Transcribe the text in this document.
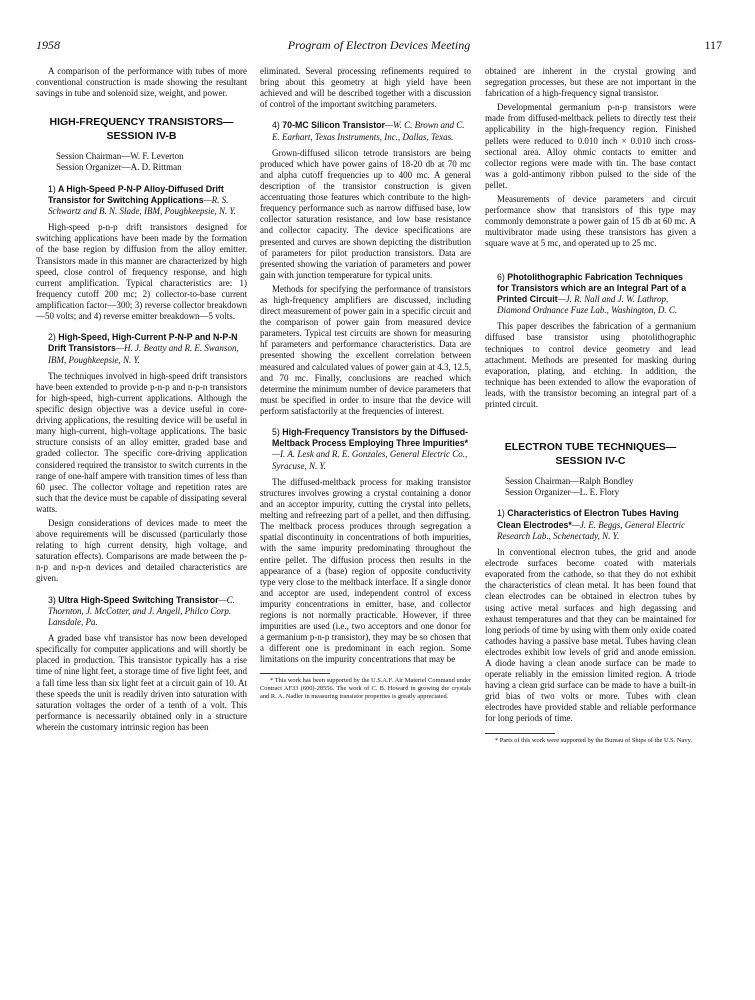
1958	Program of Electron Devices Meeting	117

A comparison of the performance with tubes of more conventional construction is made showing the resultant savings in tube and solenoid size, weight, and power.

HIGH-FREQUENCY TRANSISTORS—SESSION IV-B

Session Chairman—W. F. Leverton

Session Organizer—A. D. Rittman

1) A High-Speed P-N-P Alloy-Diffused Drift Transistor for Switching Applications—R. S. Schwartz and B. N. Slade, IBM, Poughkeepsie, N. Y.

High-speed p-n-p drift transistors designed for switching applications have been made by the formation of the base region by diffusion from the alloy emitter. Transistors made in this manner are characterized by high speed, close control of frequency response, and high current amplification. Typical characteristics are: 1) frequency cutoff 200 mc; 2) collector-to-base current amplification factor—300; 3) reverse collector breakdown—50 volts; and 4) reverse emitter breakdown—5 volts.

2) High-Speed, High-Current P-N-P and N-P-N Drift Transistors—H. J. Beatty and R. E. Swanson, IBM, Poughkeepsie, N. Y.

The techniques involved in high-speed drift transistors have been extended to provide p-n-p and n-p-n transistors for high-speed, high-current applications. Although the specific design objective was a device useful in core-driving applications, the resulting device will be useful in many high-current, high-voltage applications. The basic structure consists of an alloy emitter, graded base and graded collector. The specific core-driving application considered required the transistor to switch currents in the range of one-half ampere with transition times of less than 60 μsec. The collector voltage and repetition rates are such that the device must be capable of dissipating several watts.

Design considerations of devices made to meet the above requirements will be discussed (particularly those relating to high current density, high voltage, and saturation effects). Comparisons are made between the p-n-p and n-p-n devices and detailed characteristics are given.

3) Ultra High-Speed Switching Transistor—C. Thornton, J. McCotter, and J. Angell, Philco Corp. Lansdale, Pa.

A graded base vhf transistor has now been developed specifically for computer applications and will shortly be placed in production. This transistor typically has a rise time of nine light feet, a storage time of five light feet, and a fall time less than six light feet at a circuit gain of 10. At these speeds the unit is readily driven into saturation with saturation voltages the order of a tenth of a volt. This performance is necessarily obtained only in a structure wherein the customary intrinsic region has been

eliminated. Several processing refinements required to bring about this geometry at high yield have been achieved and will be described together with a discussion of control of the important switching parameters.

4) 70-MC Silicon Transistor—W. C. Brown and C. E. Earhart, Texas Instruments, Inc., Dallas, Texas.

Grown-diffused silicon tetrode transistors are being produced which have power gains of 18-20 db at 70 mc and alpha cutoff frequencies up to 400 mc. A general description of the transistor construction is given accentuating those features which contribute to the high-frequency performance such as narrow diffused base, low collector saturation resistance, and low base resistance and collector capacity. The device specifications are presented and curves are shown depicting the distribution of parameters for pilot production transistors. Data are presented showing the variation of parameters and power gain with junction temperature for typical units.

Methods for specifying the performance of transistors as high-frequency amplifiers are discussed, including direct measurement of power gain in a specific circuit and the comparison of power gain from measured device parameters. Typical test circuits are shown for measuring hf parameters and performance characteristics. Data are presented showing the excellent correlation between measured and calculated values of power gain at 4.3, 12.5, and 70 mc. Finally, conclusions are reached which determine the minimum number of device parameters that must be specified in order to insure that the device will perform satisfactorily at the frequencies of interest.

5) High-Frequency Transistors by the Diffused-Meltback Process Employing Three Impurities*—I. A. Lesk and R. E. Gonzales, General Electric Co., Syracuse, N. Y.

The diffused-meltback process for making transistor structures involves growing a crystal containing a donor and an acceptor impurity, cutting the crystal into pellets, melting and refreezing part of a pellet, and then diffusing. The meltback process produces through segregation a spatial discontinuity in concentrations of both impurities, with the same impurity predominating throughout the entire pellet. The diffusion process then results in the appearance of a (base) region of opposite conductivity type very close to the meltback interface. If a single donor and acceptor are used, independent control of excess impurity concentrations in emitter, base, and collector regions is not normally practicable. However, if three impurities are used (i.e., two acceptors and one donor for a germanium p-n-p transistor), they may be so chosen that a different one is predominant in each region. Some limitations on the impurity concentrations that may be

* This work has been supported by the U.S.A.F. Air Materiel Command under Contract AF33 (600)-28556. The work of C. B. Howard in growing the crystals and R. A. Nadler in measuring transistor properties is greatly appreciated.

obtained are inherent in the crystal growing and segregation processes, but these are not important in the fabrication of a high-frequency signal transistor.

Developmental germanium p-n-p transistors were made from diffused-meltback pellets to directly test their applicability in the high-frequency region. Finished pellets were reduced to 0.010 inch × 0.010 inch cross-sectional area. Alloy ohmic contacts to emitter and collector regions were made with tin. The base contact was a gold-antimony ribbon pulsed to the side of the pellet.

Measurements of device parameters and circuit performance show that transistors of this type may commonly demonstrate a power gain of 15 db at 60 mc. A multivibrator made using these transistors has given a square wave at 5 mc, and operated up to 25 mc.

6) Photolithographic Fabrication Techniques for Transistors which are an Integral Part of a Printed Circuit—J. R. Nall and J. W. Lathrop, Diamond Ordnance Fuze Lab., Washington, D. C.

This paper describes the fabrication of a germanium diffused base transistor using photolithographic techniques to control device geometry and lead attachment. Methods are presented for masking during evaporation, plating, and etching. In addition, the technique has been extended to allow the evaporation of leads, with the transistor becoming an integral part of a printed circuit.

ELECTRON TUBE TECHNIQUES—SESSION IV-C

Session Chairman—Ralph Bondley

Session Organizer—L. E. Flory

1) Characteristics of Electron Tubes Having Clean Electrodes*—J. E. Beggs, General Electric Research Lab., Schenectady, N. Y.

In conventional electron tubes, the grid and anode electrode surfaces become coated with materials evaporated from the cathode, so that they do not exhibit the characteristics of clean metal. It has been found that clean electrodes can be obtained in electron tubes by using active metal surfaces and high degassing and exhaust temperatures and that they can be maintained for long periods of time by using with them only oxide coated cathodes having a passive base metal. Tubes having clean electrodes exhibit low levels of grid and anode emission. A diode having a clean anode surface can be made to operate reliably in the emission limited region. A triode having a clean grid surface can be made to have a built-in grid bias of two volts or more. Tubes with clean electrodes have provided stable and reliable performance for long periods of time.

* Parts of this work were supported by the Bureau of Ships of the U.S. Navy.
